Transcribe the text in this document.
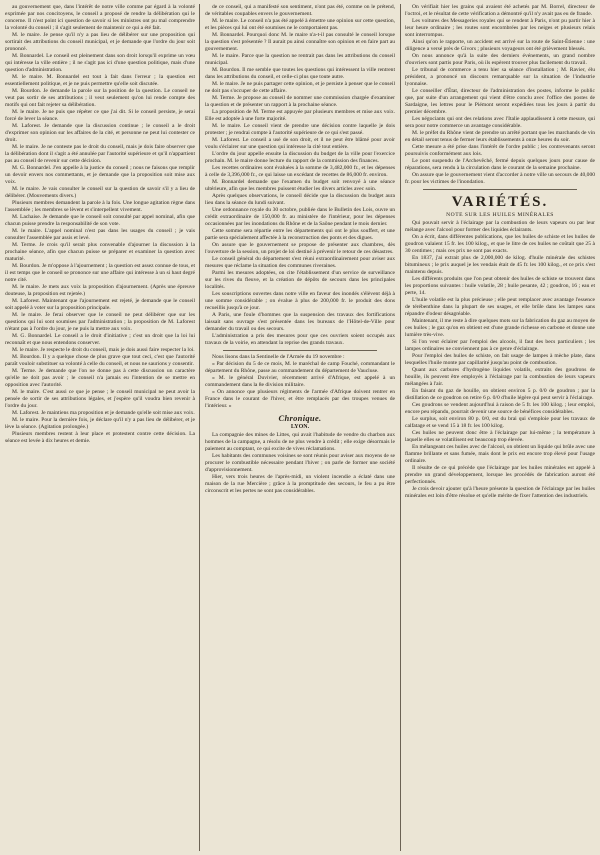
au gouvernement que, dans l'intérêt de notre ville comme par égard à la volonté exprimée par nos concitoyens, le conseil a proposé de rendre la délibération qui le concerne. Il n'est point ici question de savoir si les ministres ont pu mal comprendre la volonté du conseil ; il s'agit seulement de maintenir ce qui a été fait.

M. le maire. Je pense qu'il n'y a pas lieu de délibérer sur une proposition qui sortirait des attributions du conseil municipal, et je demande que l'ordre du jour soit prononcé.

M. Bonnardel. Le conseil est pleinement dans son droit lorsqu'il exprime un vœu qui intéresse la ville entière ; il ne s'agit pas ici d'une question politique, mais d'une question d'administration.

M. le maire. M. Bonnardel est tout à fait dans l'erreur ; la question est essentiellement politique, et je ne puis permettre qu'elle soit discutée.

M. Bourdon. Je demande la parole sur la position de la question. Le conseil ne veut pas sortir de ses attributions ; il veut seulement qu'on lui rende compte des motifs qui ont fait rejeter sa délibération.

M. le maire. Je ne puis que répéter ce que j'ai dit. Si le conseil persiste, je serai forcé de lever la séance.

M. Laforest. Je demande que la discussion continue ; le conseil a le droit d'exprimer son opinion sur les affaires de la cité, et personne ne peut lui contester ce droit.

M. le maire. Je ne conteste pas le droit du conseil, mais je dois faire observer que la délibération dont il s'agit a été annulée par l'autorité supérieure et qu'il n'appartient pas au conseil de revenir sur cette décision.

M. G. Bonnardel. J'en appelle à la justice du conseil ; nous ne faisons que remplir un devoir envers nos commettants, et je demande que la proposition soit mise aux voix.

M. le maire. Je vais consulter le conseil sur la question de savoir s'il y a lieu de délibérer. (Mouvements divers.)

Plusieurs membres demandent la parole à la fois. Une longue agitation règne dans l'assemblée ; les membres se lèvent et s'interpellent vivement.

M. Lachaise. Je demande que le conseil soit consulté par appel nominal, afin que chacun puisse prendre la responsabilité de son vote.

M. le maire. L'appel nominal n'est pas dans les usages du conseil ; je vais consulter l'assemblée par assis et levé.

M. Terme. Je crois qu'il serait plus convenable d'ajourner la discussion à la prochaine séance, afin que chacun puisse se préparer et examiner la question avec maturité.

M. Bourdon. Je m'oppose à l'ajournement ; la question est assez connue de tous, et il est temps que le conseil se prononce sur une affaire qui intéresse à un si haut degré notre cité.

M. le maire. Je mets aux voix la proposition d'ajournement. (Après une épreuve douteuse, la proposition est rejetée.)

M. Laforest. Maintenant que l'ajournement est rejeté, je demande que le conseil soit appelé à voter sur la proposition principale.

M. le maire. Je ferai observer que le conseil ne peut délibérer que sur les questions qui lui sont soumises par l'administration ; la proposition de M. Laforest n'étant pas à l'ordre du jour, je ne puis la mettre aux voix.

M. G. Bonnardel. Le conseil a le droit d'initiative ; c'est un droit que la loi lui reconnaît et que nous entendons conserver.

M. le maire. Je respecte le droit du conseil, mais je dois aussi faire respecter la loi.

M. Bourdon. Il y a quelque chose de plus grave que tout ceci, c'est que l'autorité paraît vouloir substituer sa volonté à celle du conseil, et nous ne saurions y consentir.

M. Terme. Je demande que l'on ne donne pas à cette discussion un caractère qu'elle ne doit pas avoir ; le conseil n'a jamais eu l'intention de se mettre en opposition avec l'autorité.

M. le maire. C'est aussi ce que je pense ; le conseil municipal ne peut avoir la pensée de sortir de ses attributions légales, et j'espère qu'il voudra bien revenir à l'ordre du jour.

M. Laforest. Je maintiens ma proposition et je demande qu'elle soit mise aux voix.

M. le maire. Pour la dernière fois, je déclare qu'il n'y a pas lieu de délibérer, et je lève la séance. (Agitation prolongée.)

Plusieurs membres restent à leur place et protestent contre cette décision. La séance est levée à dix heures et demie.

de ce conseil, qui a manifesté son sentiment, n'ont pas été, comme on le prétend, de véritables coupables envers le gouvernement.

M. le maire. Le conseil n'a pas été appelé à émettre une opinion sur cette question, et les pièces qui lui ont été soumises ne le comportaient pas.

M. Bonnardel. Pourquoi donc M. le maire n'a-t-il pas consulté le conseil lorsque la question s'est présentée ? Il aurait pu ainsi connaître son opinion et en faire part au gouvernement.

M. le maire. Parce que la question ne rentrait pas dans les attributions du conseil municipal.

M. Bourdon. Il me semble que toutes les questions qui intéressent la ville rentrent dans les attributions du conseil, et celle-ci plus que toute autre.

M. le maire. Je ne puis partager cette opinion, et je persiste à penser que le conseil ne doit pas s'occuper de cette affaire.

M. Terme. Je propose au conseil de nommer une commission chargée d'examiner la question et de présenter un rapport à la prochaine séance.

La proposition de M. Terme est appuyée par plusieurs membres et mise aux voix. Elle est adoptée à une forte majorité.

M. le maire. Le conseil vient de prendre une décision contre laquelle je dois protester ; je rendrai compte à l'autorité supérieure de ce qui s'est passé.

M. Laforest. Le conseil a usé de son droit, et il ne peut être blâmé pour avoir voulu s'éclairer sur une question qui intéresse la cité tout entière.

L'ordre du jour appelle ensuite la discussion du budget de la ville pour l'exercice prochain. M. le maire donne lecture du rapport de la commission des finances.

Les recettes ordinaires sont évaluées à la somme de 3,482,000 fr., et les dépenses à celle de 3,396,000 fr., ce qui laisse un excédant de recettes de 86,000 fr. environ.

M. Bonnardel demande que l'examen du budget soit renvoyé à une séance ultérieure, afin que les membres puissent étudier les divers articles avec soin.

Après quelques observations, le conseil décide que la discussion du budget aura lieu dans la séance du lundi suivant.

Une ordonnance royale du 30 octobre, publiée dans le Bulletin des Lois, ouvre un crédit extraordinaire de 150,000 fr. au ministère de l'intérieur, pour les dépenses occasionnées par les inondations du Rhône et de la Saône pendant le mois dernier.

Cette somme sera répartie entre les départements qui ont le plus souffert, et une partie sera spécialement affectée à la reconstruction des ponts et des digues.

On assure que le gouvernement se propose de présenter aux chambres, dès l'ouverture de la session, un projet de loi destiné à prévenir le retour de ces désastres.

Le conseil général du département s'est réuni extraordinairement pour aviser aux mesures que réclame la situation des communes riveraines.

Parmi les mesures adoptées, on cite l'établissement d'un service de surveillance sur les rives du fleuve, et la création de dépôts de secours dans les principales localités.

Les souscriptions ouvertes dans notre ville en faveur des inondés s'élèvent déjà à une somme considérable ; on évalue à plus de 200,000 fr. le produit des dons recueillis jusqu'à ce jour.

A Paris, une foule d'hommes que la suspension des travaux des fortifications laissait sans ouvrage s'est présentée dans les bureaux de l'Hôtel-de-Ville pour demander du travail ou des secours.

L'administration a pris des mesures pour que ces ouvriers soient occupés aux travaux de la voirie, en attendant la reprise des grands travaux.

Nous lisons dans la Sentinelle de l'Armée du 19 novembre :

« Par décision du 5 de ce mois, M. le maréchal de camp Fouché, commandant le département du Rhône, passe au commandement du département de Vaucluse.

« M. le général Duvivier, récemment arrivé d'Afrique, est appelé à un commandement dans la 8e division militaire.

« On annonce que plusieurs régiments de l'armée d'Afrique doivent rentrer en France dans le courant de l'hiver, et être remplacés par des troupes venues de l'intérieur. »

Chronique.
LYON.

La compagnie des mines de Littes, qui avait l'habitude de vendre du charbon aux hommes de la campagne, a résolu de ne plus vendre à crédit ; elle exige désormais le paiement au comptant, ce qui excite de vives réclamations.

Les habitants des communes voisines se sont réunis pour aviser aux moyens de se procurer le combustible nécessaire pendant l'hiver ; on parle de former une société d'approvisionnement.

Hier, vers trois heures de l'après-midi, un violent incendie a éclaté dans une maison de la rue Mercière ; grâce à la promptitude des secours, le feu a pu être circonscrit et les pertes ne sont pas considérables.

On vérifiait hier les grains qui avaient été achetés par M. Borrel, directeur de l'octroi, et le résultat de cette vérification a démontré qu'il n'y avait pas eu de fraude.

Les voitures des Messageries royales qui se rendent à Paris, n'ont pu partir hier à leur heure ordinaire ; les routes sont encombrées par les neiges et plusieurs relais sont interrompus.

Ainsi qu'on le rapporte, un accident est arrivé sur la route de Saint-Étienne : une diligence a versé près de Givors ; plusieurs voyageurs ont été grièvement blessés.

On nous annonce qu'à la suite des derniers événements, un grand nombre d'ouvriers sont partis pour Paris, où ils espèrent trouver plus facilement du travail.

Le tribunal de commerce a tenu hier sa séance d'installation ; M. Ravier, élu président, a prononcé un discours remarquable sur la situation de l'industrie lyonnaise.

Le conseiller d'État, directeur de l'administration des postes, informe le public que, par suite d'un arrangement qui vient d'être conclu avec l'office des postes de Sardaigne, les lettres pour le Piémont seront expédiées tous les jours à partir du premier décembre.

Les négociants qui ont des relations avec l'Italie applaudissent à cette mesure, qui sera pour notre commerce un avantage considérable.

M. le préfet du Rhône vient de prendre un arrêté portant que les marchands de vin en détail seront tenus de fermer leurs établissements à onze heures du soir.

Cette mesure a été prise dans l'intérêt de l'ordre public ; les contrevenants seront poursuivis conformément aux lois.

Le pont suspendu de l'Archevêché, fermé depuis quelques jours pour cause de réparations, sera rendu à la circulation dans le courant de la semaine prochaine.

On assure que le gouvernement vient d'accorder à notre ville un secours de 40,000 fr. pour les victimes de l'inondation.

VARIÉTÉS.
NOTE SUR LES HUILES MINÉRALES

Qui pouvait servir à l'éclairage par la combustion de leurs vapeurs ou par leur mélange avec l'alcool pour former des liquides éclairants.

On a écrit, dans différentes publications, que les huiles de schiste et les huiles de goudron valaient 15 fr. les 100 kilog., et que le litre de ces huiles ne coûtait que 25 à 30 centimes ; mais ces prix ne sont pas exacts.

En 1837, j'ai extrait plus de 2,000,000 de kilog. d'huile minérale des schistes bitumineux ; le prix auquel je les vendais était de 45 fr. les 100 kilog., et ce prix s'est maintenu depuis.

Les différents produits que l'on peut obtenir des huiles de schiste se trouvent dans les proportions suivantes : huile volatile, 28 ; huile pesante, 42 ; goudron, 16 ; eau et perte, 14.

L'huile volatile est la plus précieuse ; elle peut remplacer avec avantage l'essence de térébenthine dans la plupart de ses usages, et elle brûle dans les lampes sans répandre d'odeur désagréable.

Maintenant, il me reste à dire quelques mots sur la fabrication du gaz au moyen de ces huiles ; le gaz qu'on en obtient est d'une grande richesse en carbone et donne une lumière très-vive.

Si l'on veut éclairer par l'emploi des alcools, il faut des becs particuliers ; les lampes ordinaires ne conviennent pas à ce genre d'éclairage.

Pour l'emploi des huiles de schiste, on fait usage de lampes à mèche plate, dans lesquelles l'huile monte par capillarité jusqu'au point de combustion.

Quant aux carbures d'hydrogène liquides volatils, extraits des goudrons de houille, ils peuvent être employés à l'éclairage par la combustion de leurs vapeurs mélangées à l'air.

En faisant du gaz de houille, on obtient environ 5 p. 0/0 de goudron ; par la distillation de ce goudron on retire 6 p. 0/0 d'huile légère qui peut servir à l'éclairage.

Ces goudrons se vendent aujourd'hui à raison de 5 fr. les 100 kilog. ; leur emploi, encore peu répandu, pourrait devenir une source de bénéfices considérables.

Le surplus, soit environ 80 p. 0/0, est du brai qui s'emploie pour les travaux de calfatage et se vend 15 à 18 fr. les 100 kilog.

Ces huiles ne peuvent donc être à l'éclairage par lui-même ; la température à laquelle elles se volatilisent est beaucoup trop élevée.

En mélangeant ces huiles avec de l'alcool, on obtient un liquide qui brûle avec une flamme brillante et sans fumée, mais dont le prix est encore trop élevé pour l'usage ordinaire.

Il résulte de ce qui précède que l'éclairage par les huiles minérales est appelé à prendre un grand développement, lorsque les procédés de fabrication auront été perfectionnés.

Je crois devoir ajouter qu'à l'heure présente la question de l'éclairage par les huiles minérales est loin d'être résolue et qu'elle mérite de fixer l'attention des industriels.
